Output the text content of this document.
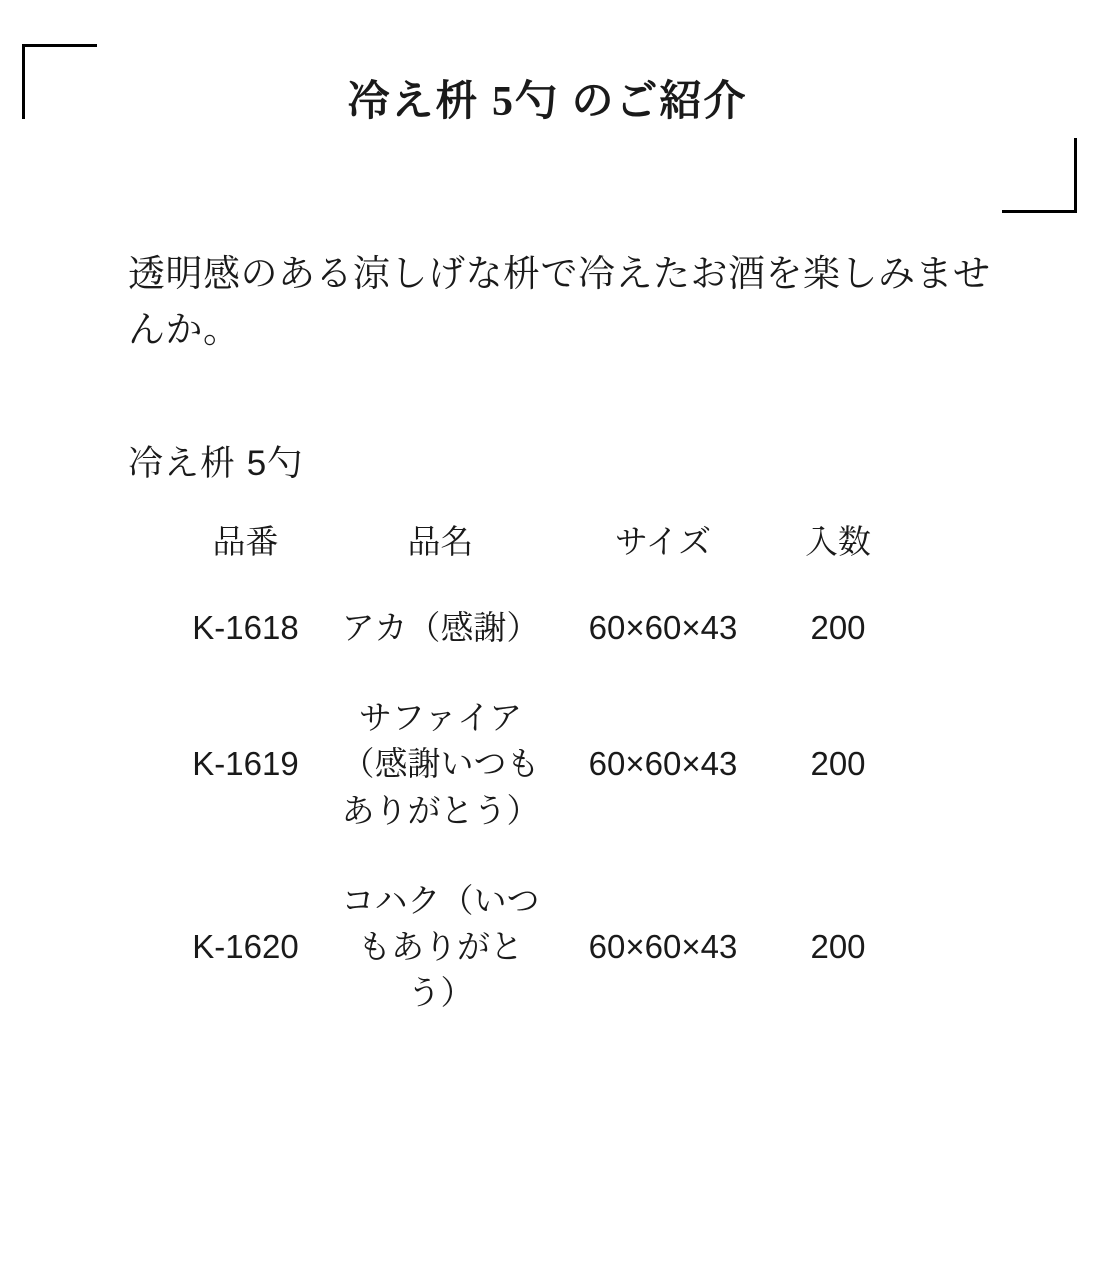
冷え枡 5勺 のご紹介

透明感のある涼しげな枡で冷えたお酒を楽しみませんか。

冷え枡 5勺

品番	品名	サイズ	入数
K-1618	アカ（感謝）	60×60×43	200
K-1619	サファイア（感謝いつもありがとう）	60×60×43	200
K-1620	コハク（いつもありがとう）	60×60×43	200
